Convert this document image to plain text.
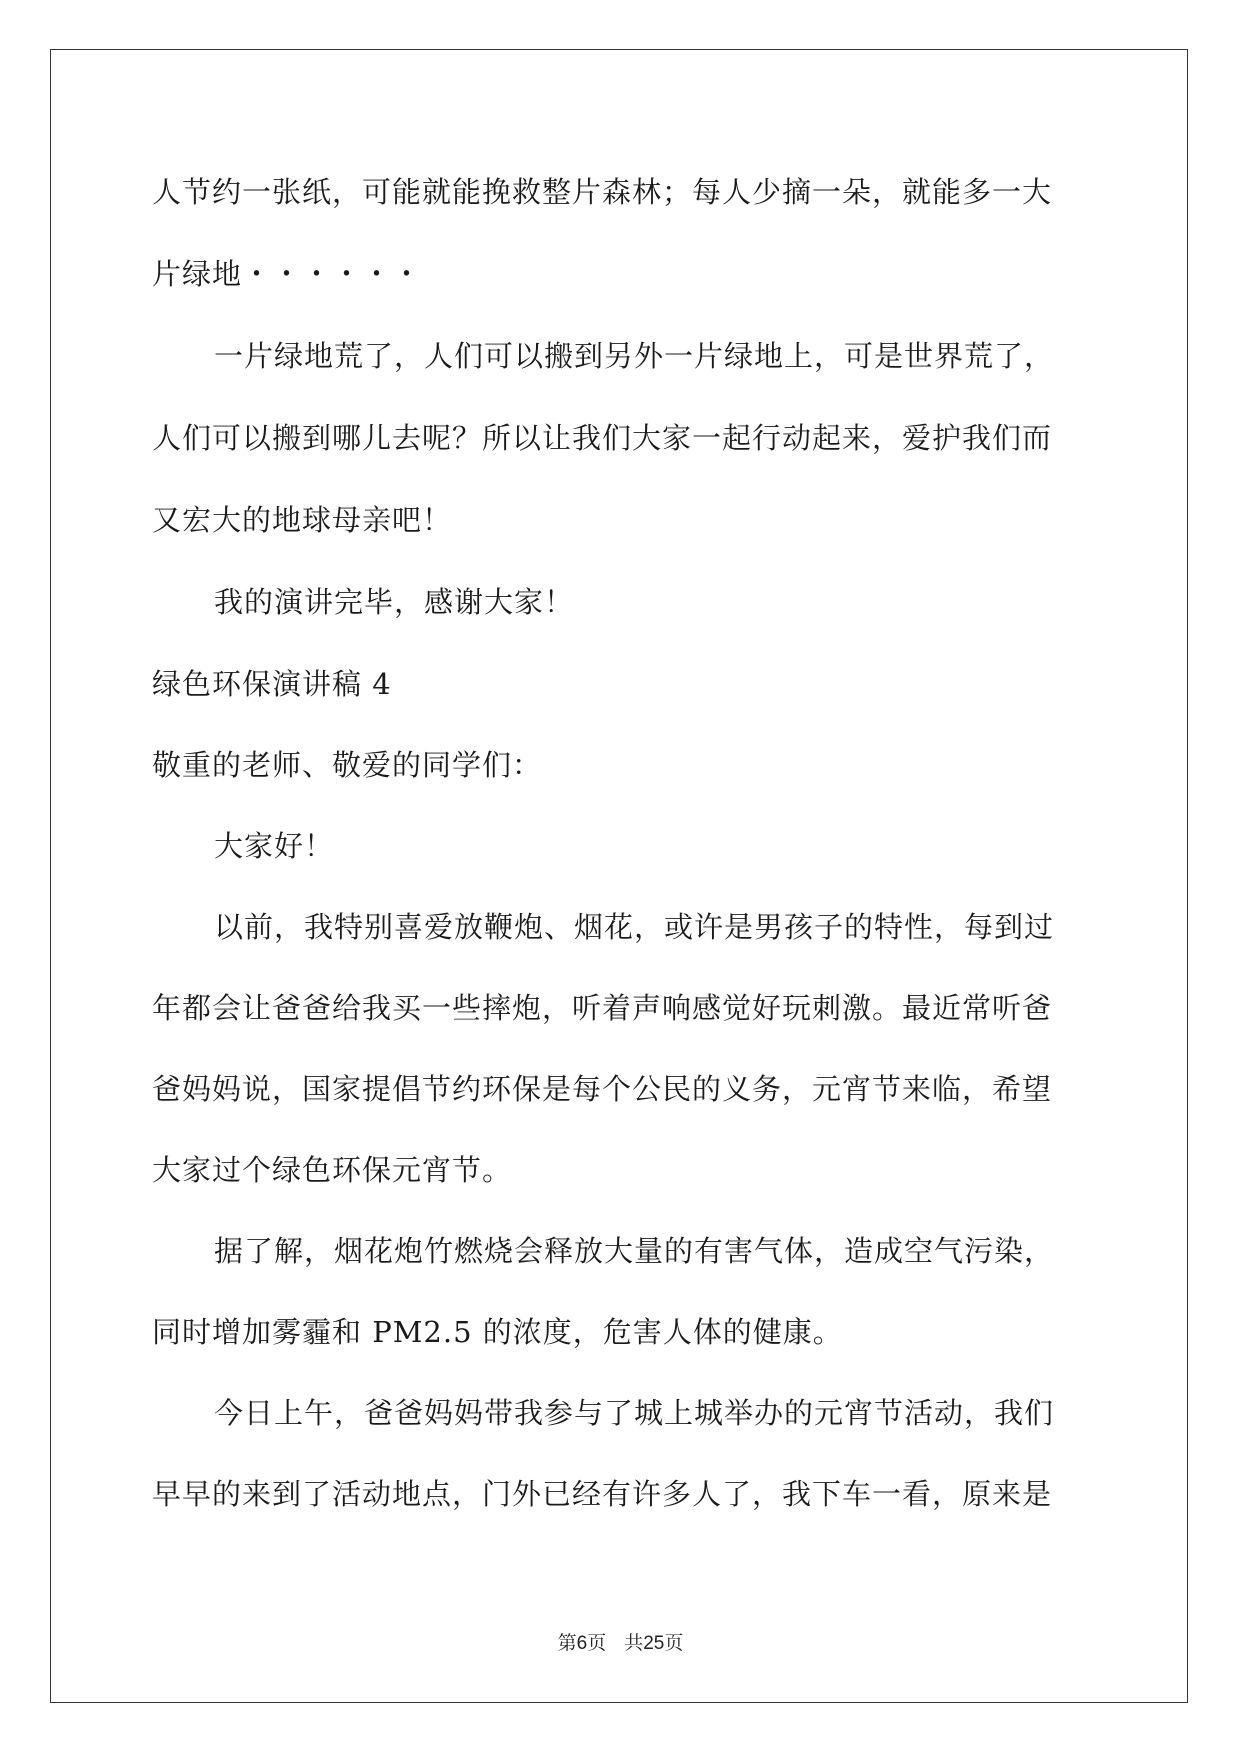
人节约一张纸，可能就能挽救整片森林；每人少摘一朵，就能多一大
片绿地・・・・・・
一片绿地荒了，人们可以搬到另外一片绿地上，可是世界荒了，
人们可以搬到哪儿去呢？所以让我们大家一起行动起来，爱护我们而
又宏大的地球母亲吧！
我的演讲完毕，感谢大家！
绿色环保演讲稿 4
敬重的老师、敬爱的同学们：
大家好！
以前，我特别喜爱放鞭炮、烟花，或许是男孩子的特性，每到过
年都会让爸爸给我买一些摔炮，听着声响感觉好玩刺激。最近常听爸
爸妈妈说，国家提倡节约环保是每个公民的义务，元宵节来临，希望
大家过个绿色环保元宵节。
据了解，烟花炮竹燃烧会释放大量的有害气体，造成空气污染，
同时增加雾霾和 PM2.5 的浓度，危害人体的健康。
今日上午，爸爸妈妈带我参与了城上城举办的元宵节活动，我们
早早的来到了活动地点，门外已经有许多人了，我下车一看，原来是
第6页 共25页
